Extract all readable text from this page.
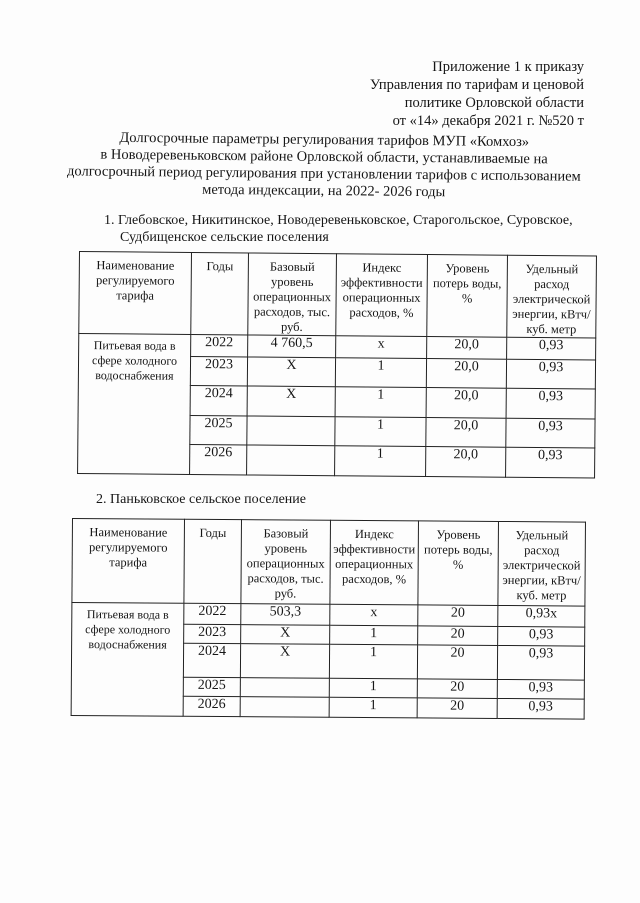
Приложение 1 к приказу
Управления по тарифам и ценовой
политике Орловской области
от «14» декабря 2021 г. №520 т
Долгосрочные параметры регулирования тарифов МУП «Комхоз»
в Новодеревеньковском районе Орловской области, устанавливаемые на
долгосрочный период регулирования при установлении тарифов с использованием
метода индексации, на 2022- 2026 годы
1. Глебовское, Никитинское, Новодеревеньковское, Старогольское, Суровское,
Судбищенское сельские поселения
Наименование регулируемого тарифа	Годы	Базовый уровень операционных расходов, тыс. руб.	Индекс эффективности операционных расходов, %	Уровень потерь воды, %	Удельный расход электрической энергии, кВтч/куб. метр
Питьевая вода в сфере холодного водоснабжения	2022	4 760,5	х	20,0	0,93
	2023	Х	1	20,0	0,93
	2024	Х	1	20,0	0,93
	2025		1	20,0	0,93
	2026		1	20,0	0,93
2. Паньковское сельское поселение
Наименование регулируемого тарифа	Годы	Базовый уровень операционных расходов, тыс. руб.	Индекс эффективности операционных расходов, %	Уровень потерь воды, %	Удельный расход электрической энергии, кВтч/куб. метр
Питьевая вода в сфере холодного водоснабжения	2022	503,3	х	20	0,93х
	2023	Х	1	20	0,93
	2024	Х	1	20	0,93
	2025		1	20	0,93
	2026		1	20	0,93
